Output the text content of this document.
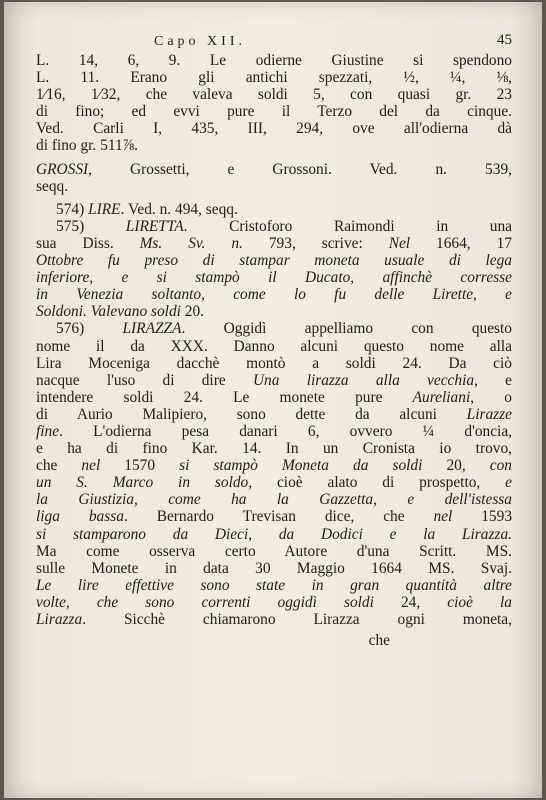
Capo XII.	45
L. 14, 6, 9. Le odierne Giustine si spendono
L. 11. Erano gli antichi spezzati, ½, ¼, ⅛,
1⁄16, 1⁄32, che valeva soldi 5, con quasi gr. 23
di fino; ed evvi pure il Terzo del da cinque.
Ved. Carli I, 435, III, 294, ove all'odierna dà
di fino gr. 511⅞.
GROSSI, Grossetti, e Grossoni. Ved. n. 539,
seqq.
574) LIRE. Ved. n. 494, seqq.
575) LIRETTA. Cristoforo Raimondi in una
sua Diss. Ms. Sv. n. 793, scrive: Nel 1664, 17
Ottobre fu preso di stampar moneta usuale di lega
inferiore, e si stampò il Ducato, affinchè corresse
in Venezia soltanto, come lo fu delle Lirette, e
Soldoni. Valevano soldi 20.
576) LIRAZZA. Oggidì appelliamo con questo
nome il da XXX. Danno alcuni questo nome alla
Lira Moceniga dacchè montò a soldi 24. Da ciò
nacque l'uso di dire Una lirazza alla vecchia, e
intendere soldi 24. Le monete pure Aureliani, o
di Aurio Malipiero, sono dette da alcuni Lirazze
fine. L'odierna pesa danari 6, ovvero ¼ d'oncia,
e ha di fino Kar. 14. In un Cronista io trovo,
che nel 1570 si stampò Moneta da soldi 20, con
un S. Marco in soldo, cioè alato di prospetto, e
la Giustizia, come ha la Gazzetta, e dell'istessa
liga bassa. Bernardo Trevisan dice, che nel 1593
si stamparono da Dieci, da Dodici e la Lirazza.
Ma come osserva certo Autore d'una Scritt. MS.
sulle Monete in data 30 Maggio 1664 MS. Svaj.
Le lire effettive sono state in gran quantità altre
volte, che sono correnti oggidì soldi 24, cioè la
Lirazza. Sicchè chiamarono Lirazza ogni moneta,
che
